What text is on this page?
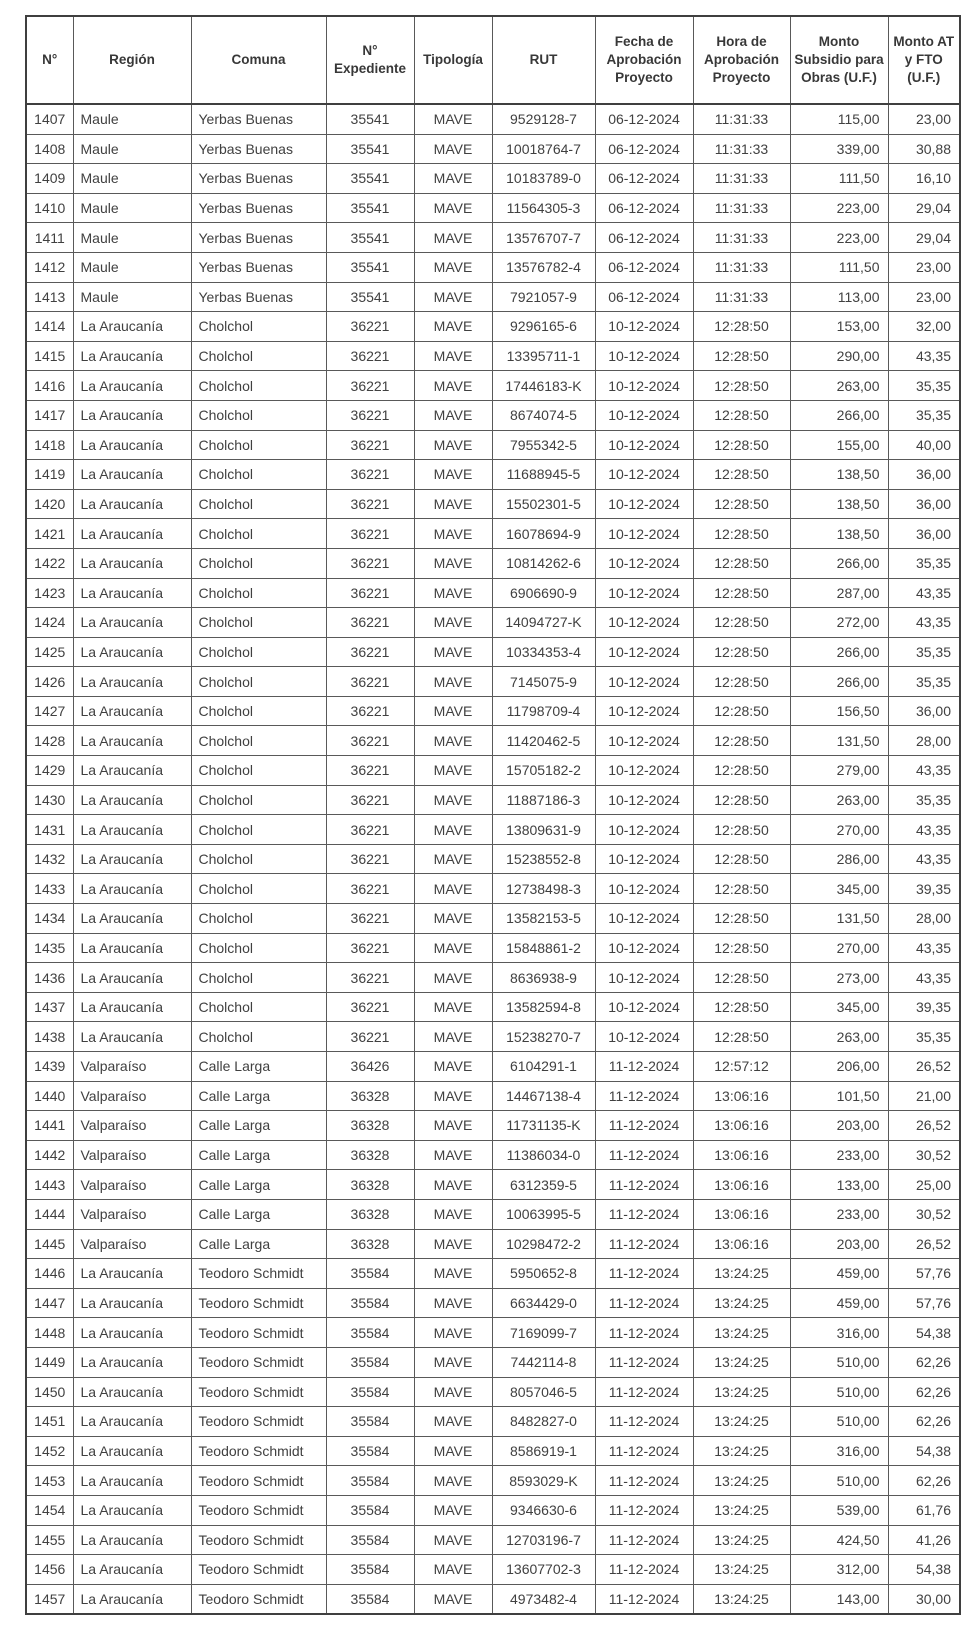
N°	Región	Comuna	N° Expediente	Tipología	RUT	Fecha de Aprobación Proyecto	Hora de Aprobación Proyecto	Monto Subsidio para Obras (U.F.)	Monto AT y FTO (U.F.)
1407	Maule	Yerbas Buenas	35541	MAVE	9529128-7	06-12-2024	11:31:33	115,00	23,00
1408	Maule	Yerbas Buenas	35541	MAVE	10018764-7	06-12-2024	11:31:33	339,00	30,88
1409	Maule	Yerbas Buenas	35541	MAVE	10183789-0	06-12-2024	11:31:33	111,50	16,10
1410	Maule	Yerbas Buenas	35541	MAVE	11564305-3	06-12-2024	11:31:33	223,00	29,04
1411	Maule	Yerbas Buenas	35541	MAVE	13576707-7	06-12-2024	11:31:33	223,00	29,04
1412	Maule	Yerbas Buenas	35541	MAVE	13576782-4	06-12-2024	11:31:33	111,50	23,00
1413	Maule	Yerbas Buenas	35541	MAVE	7921057-9	06-12-2024	11:31:33	113,00	23,00
1414	La Araucanía	Cholchol	36221	MAVE	9296165-6	10-12-2024	12:28:50	153,00	32,00
1415	La Araucanía	Cholchol	36221	MAVE	13395711-1	10-12-2024	12:28:50	290,00	43,35
1416	La Araucanía	Cholchol	36221	MAVE	17446183-K	10-12-2024	12:28:50	263,00	35,35
1417	La Araucanía	Cholchol	36221	MAVE	8674074-5	10-12-2024	12:28:50	266,00	35,35
1418	La Araucanía	Cholchol	36221	MAVE	7955342-5	10-12-2024	12:28:50	155,00	40,00
1419	La Araucanía	Cholchol	36221	MAVE	11688945-5	10-12-2024	12:28:50	138,50	36,00
1420	La Araucanía	Cholchol	36221	MAVE	15502301-5	10-12-2024	12:28:50	138,50	36,00
1421	La Araucanía	Cholchol	36221	MAVE	16078694-9	10-12-2024	12:28:50	138,50	36,00
1422	La Araucanía	Cholchol	36221	MAVE	10814262-6	10-12-2024	12:28:50	266,00	35,35
1423	La Araucanía	Cholchol	36221	MAVE	6906690-9	10-12-2024	12:28:50	287,00	43,35
1424	La Araucanía	Cholchol	36221	MAVE	14094727-K	10-12-2024	12:28:50	272,00	43,35
1425	La Araucanía	Cholchol	36221	MAVE	10334353-4	10-12-2024	12:28:50	266,00	35,35
1426	La Araucanía	Cholchol	36221	MAVE	7145075-9	10-12-2024	12:28:50	266,00	35,35
1427	La Araucanía	Cholchol	36221	MAVE	11798709-4	10-12-2024	12:28:50	156,50	36,00
1428	La Araucanía	Cholchol	36221	MAVE	11420462-5	10-12-2024	12:28:50	131,50	28,00
1429	La Araucanía	Cholchol	36221	MAVE	15705182-2	10-12-2024	12:28:50	279,00	43,35
1430	La Araucanía	Cholchol	36221	MAVE	11887186-3	10-12-2024	12:28:50	263,00	35,35
1431	La Araucanía	Cholchol	36221	MAVE	13809631-9	10-12-2024	12:28:50	270,00	43,35
1432	La Araucanía	Cholchol	36221	MAVE	15238552-8	10-12-2024	12:28:50	286,00	43,35
1433	La Araucanía	Cholchol	36221	MAVE	12738498-3	10-12-2024	12:28:50	345,00	39,35
1434	La Araucanía	Cholchol	36221	MAVE	13582153-5	10-12-2024	12:28:50	131,50	28,00
1435	La Araucanía	Cholchol	36221	MAVE	15848861-2	10-12-2024	12:28:50	270,00	43,35
1436	La Araucanía	Cholchol	36221	MAVE	8636938-9	10-12-2024	12:28:50	273,00	43,35
1437	La Araucanía	Cholchol	36221	MAVE	13582594-8	10-12-2024	12:28:50	345,00	39,35
1438	La Araucanía	Cholchol	36221	MAVE	15238270-7	10-12-2024	12:28:50	263,00	35,35
1439	Valparaíso	Calle Larga	36426	MAVE	6104291-1	11-12-2024	12:57:12	206,00	26,52
1440	Valparaíso	Calle Larga	36328	MAVE	14467138-4	11-12-2024	13:06:16	101,50	21,00
1441	Valparaíso	Calle Larga	36328	MAVE	11731135-K	11-12-2024	13:06:16	203,00	26,52
1442	Valparaíso	Calle Larga	36328	MAVE	11386034-0	11-12-2024	13:06:16	233,00	30,52
1443	Valparaíso	Calle Larga	36328	MAVE	6312359-5	11-12-2024	13:06:16	133,00	25,00
1444	Valparaíso	Calle Larga	36328	MAVE	10063995-5	11-12-2024	13:06:16	233,00	30,52
1445	Valparaíso	Calle Larga	36328	MAVE	10298472-2	11-12-2024	13:06:16	203,00	26,52
1446	La Araucanía	Teodoro Schmidt	35584	MAVE	5950652-8	11-12-2024	13:24:25	459,00	57,76
1447	La Araucanía	Teodoro Schmidt	35584	MAVE	6634429-0	11-12-2024	13:24:25	459,00	57,76
1448	La Araucanía	Teodoro Schmidt	35584	MAVE	7169099-7	11-12-2024	13:24:25	316,00	54,38
1449	La Araucanía	Teodoro Schmidt	35584	MAVE	7442114-8	11-12-2024	13:24:25	510,00	62,26
1450	La Araucanía	Teodoro Schmidt	35584	MAVE	8057046-5	11-12-2024	13:24:25	510,00	62,26
1451	La Araucanía	Teodoro Schmidt	35584	MAVE	8482827-0	11-12-2024	13:24:25	510,00	62,26
1452	La Araucanía	Teodoro Schmidt	35584	MAVE	8586919-1	11-12-2024	13:24:25	316,00	54,38
1453	La Araucanía	Teodoro Schmidt	35584	MAVE	8593029-K	11-12-2024	13:24:25	510,00	62,26
1454	La Araucanía	Teodoro Schmidt	35584	MAVE	9346630-6	11-12-2024	13:24:25	539,00	61,76
1455	La Araucanía	Teodoro Schmidt	35584	MAVE	12703196-7	11-12-2024	13:24:25	424,50	41,26
1456	La Araucanía	Teodoro Schmidt	35584	MAVE	13607702-3	11-12-2024	13:24:25	312,00	54,38
1457	La Araucanía	Teodoro Schmidt	35584	MAVE	4973482-4	11-12-2024	13:24:25	143,00	30,00
